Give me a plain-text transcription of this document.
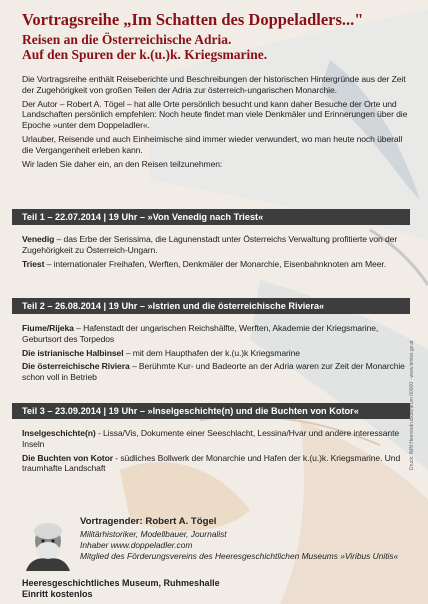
Vortragsreihe „Im Schatten des Doppeladlers..."
Reisen an die Österreichische Adria.
Auf den Spuren der k.(u.)k. Kriegsmarine.

Die Vortragsreihe enthält Reiseberichte und Beschreibungen der historischen Hintergründe aus der Zeit der Zugehörigkeit von großen Teilen der Adria zur österreich-ungarischen Monarchie.

Der Autor – Robert A. Tögel – hat alle Orte persönlich besucht und kann daher Besuche der Orte und Landschaften persönlich empfehlen: Noch heute findet man viele Denkmäler und Erinnerungen über die Epoche »unter dem Doppeladler«.

Urlauber, Reisende und auch Einheimische sind immer wieder verwundert, wo man heute noch überall die Vergangenheit erleben kann.

Wir laden Sie daher ein, an den Reisen teilzunehmen:

Teil 1 – 22.07.2014 | 19 Uhr – »Von Venedig nach Triest«

Venedig – das Erbe der Serissima, die Lagunenstadt unter Österreichs Verwaltung profitierte von der Zugehörigkeit zu Österreich-Ungarn.

Triest – internationaler Freihafen, Werften, Denkmäler der Monarchie, Eisenbahnknoten am Meer.

Teil 2 – 26.08.2014 | 19 Uhr – »Istrien und die österreichische Riviera«

Fiume/Rijeka – Hafenstadt der ungarischen Reichshälfte, Werften, Akademie der Kriegsmarine, Geburtsort des Torpedos

Die istrianische Halbinsel – mit dem Haupthafen der k.(u.)k Kriegsmarine

Die österreichische Riviera – Berühmte Kur- und Badeorte an der Adria waren zur Zeit der Monarchie schon voll in Betrieb

Teil 3 – 23.09.2014 | 19 Uhr – »Inselgeschichte(n) und die Buchten von Kotor«

Inselgeschichte(n) - Lissa/Vis, Dokumente einer Seeschlacht, Lessina/Hvar und andere interessante Inseln

Die Buchten von Kotor - südliches Bollwerk der Monarchie und Hafen der k.(u.)k. Kriegsmarine. Und traumhafte Landschaft

Vortragender: Robert A. Tögel
Militärhistoriker, Modellbauer, Journalist
Inhaber www.doppeladler.com
Mitglied des Förderungsvereins des Heeresgeschichtlichen Museums »Viribus Unitis«
Heeresgeschichtliches Museum, Ruhmeshalle
Einritt kostenlos
Druck: IMN Heeresdruckzentrum 00000 · www.bmlvs.gv.at
